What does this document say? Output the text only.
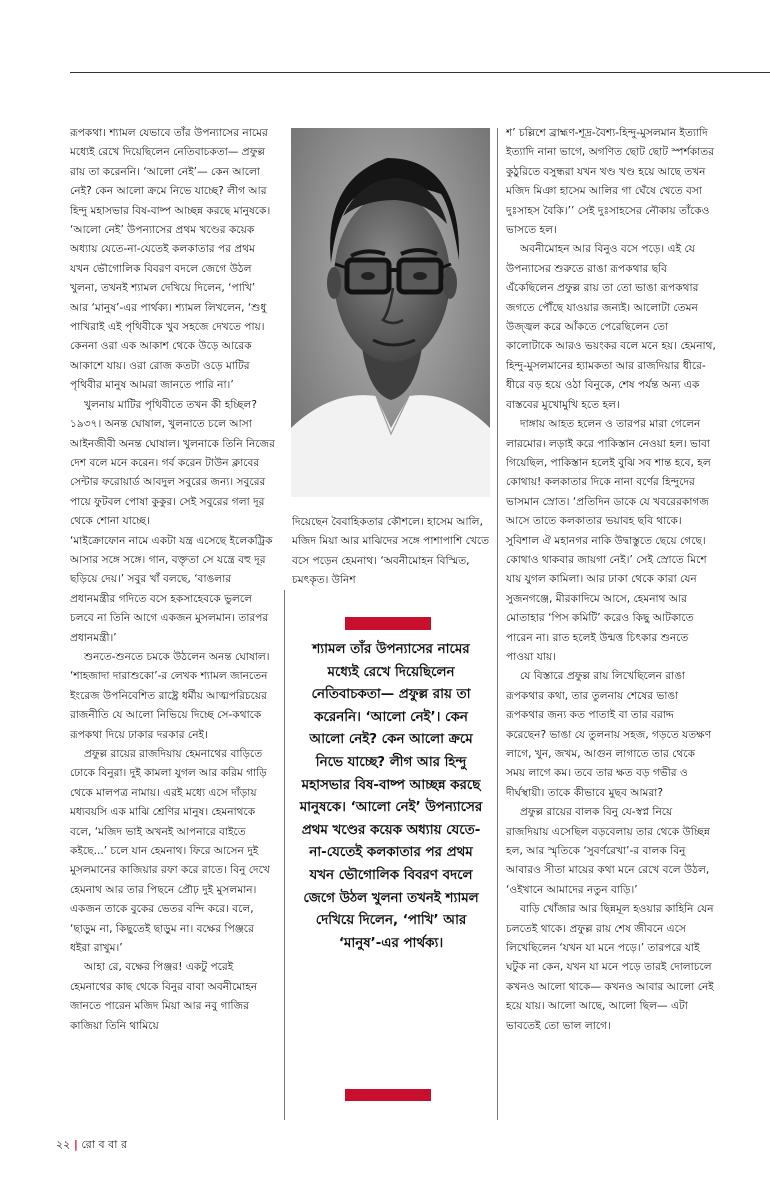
রূপকথা। শ্যামল যেভাবে তাঁর উপন্যাসের নামের মধ্যেই রেখে দিয়েছিলেন নেতিবাচকতা— প্রফুল্ল রায় তা করেননি। ‘আলো নেই’— কেন আলো নেই? কেন আলো ক্রমে নিভে যাচ্ছে? লীগ আর হিন্দু মহাসভার বিষ-বাষ্প আচ্ছন্ন করছে মানুষকে। ‘আলো নেই’ উপন্যাসের প্রথম খণ্ডের কয়েক অধ্যায় যেতে-না-যেতেই কলকাতার পর প্রথম যখন ভৌগোলিক বিবরণ বদলে জেগে উঠল খুলনা, তখনই শ্যামল দেখিয়ে দিলেন, ‘পাখি’ আর ‘মানুষ’-এর পার্থক্য। শ্যামল লিখলেন, ‘শুধু পাখিরাই এই পৃথিবীকে খুব সহজে দেখতে পায়। কেননা ওরা এক আকাশ থেকে উড়ে আরেক আকাশে যায়। ওরা রোজ কতটা ওড়ে মাটির পৃথিবীর মানুষ আমরা জানতে পারি না।’

খুলনায় মাটির পৃথিবীতে তখন কী হচ্ছিল? ১৯৩৭। অনন্ত ঘোষাল, খুলনাতে চলে আসা আইনজীবী অনন্ত ঘোষাল। খুলনাকে তিনি নিজের দেশ বলে মনে করেন। গর্ব করেন টাউন ক্লাবের সেন্টার ফরোয়ার্ড আবদুল সবুরের জন্য। সবুরের পায়ে ফুটবল পোষা কুকুর। সেই সবুরের গলা দূর থেকে শোনা যাচ্ছে।

‘মাইক্রোফোন নামে একটা যন্ত্র এসেছে ইলেকট্রিক আসার সঙ্গে সঙ্গে। গান, বক্তৃতা সে যন্ত্রে বহু দূর ছড়িয়ে দেয়।’ সবুর খাঁ বলছে, ‘বাঙলার প্রধানমন্ত্রীর গদিতে বসে হকসাহেবকে ভুললে চলবে না তিনি আগে একজন মুসলমান। তারপর প্রধানমন্ত্রী।’

শুনতে-শুনতে চমকে উঠলেন অনন্ত ঘোষাল। ‘শাহজাদা দারাশুকো’-র লেখক শ্যামল জানতেন ইংরেজ উপনিবেশিত রাষ্ট্রে ধর্মীয় আত্মপরিচয়ের রাজনীতি যে আলো নিভিয়ে দিচ্ছে সে-কথাকে রূপকথা দিয়ে ঢাকার দরকার নেই।

প্রফুল্ল রায়ের রাজদিয়ায় হেমনাথের বাড়িতে ঢোকে বিনুরা। দুই কামলা যুগল আর করিম গাড়ি থেকে মালপত্র নামায়। এরই মধ্যে এসে দাঁড়ায় মধ্যবয়সি এক মাঝি শ্রেণির মানুষ। হেমনাথকে বলে, ‘মজিদ ভাই অখনই আপনারে বাইতে কইছে...’ চলে যান হেমনাথ। ফিরে আসেন দুই মুসলমানের কাজিয়ার রফা করে রাতে। বিনু দেখে হেমনাথ আর তার পিছনে প্রৌঢ় দুই মুসলমান। একজন তাকে বুকের ভেতর বন্দি করে। বলে, ‘ছাড়ুম না, কিছুতেই ছাড়ুম না। বক্ষের পিঞ্জরে ধইরা রাখুম।’

আহা রে, বক্ষের পিঞ্জর! একটু পরেই হেমনাথের কাছ থেকে বিনুর বাবা অবনীমোহন জানতে পারেন মজিদ মিয়া আর নবু গাজির কাজিয়া তিনি থামিয়ে

দিয়েছেন বৈবাহিকতার কৌশলে। হাসেম আলি, মজিদ মিয়া আর মাঝিদের সঙ্গে পাশাপাশি খেতে বসে পড়েন হেমনাথ। ‘অবনীমোহন বিস্মিত, চমৎকৃত। উনিশ

শ্যামল তাঁর উপন্যাসের নামের মধ্যেই রেখে দিয়েছিলেন নেতিবাচকতা— প্রফুল্ল রায় তা করেননি। ‘আলো নেই’। কেন আলো নেই? কেন আলো ক্রমে নিভে যাচ্ছে? লীগ আর হিন্দু মহাসভার বিষ-বাষ্প আচ্ছন্ন করছে মানুষকে। ‘আলো নেই’ উপন্যাসের প্রথম খণ্ডের কয়েক অধ্যায় যেতে-না-যেতেই কলকাতার পর প্রথম যখন ভৌগোলিক বিবরণ বদলে জেগে উঠল খুলনা তখনই শ্যামল দেখিয়ে দিলেন, ‘পাখি’ আর ‘মানুষ’-এর পার্থক্য।

শ’ চল্লিশে ব্রাহ্মণ-শূদ্র-বৈশ্য-হিন্দু-মুসলমান ইত্যাদি ইত্যাদি নানা ভাগে, অগণিত ছোট ছোট স্পর্শকাতর কুঠুরিতে বসুন্ধরা যখন খণ্ড খণ্ড হয়ে আছে তখন মজিদ মিঞা হাসেম আলির গা ঘেঁষে খেতে বসা দুঃসাহস বৈকি।’’ সেই দুঃসাহসের নৌকায় তাঁকেও ভাসতে হল।

অবনীমোহন আর বিনুও বসে পড়ে। এই যে উপন্যাসের শুরুতে রাঙা রূপকথার ছবি এঁকেছিলেন প্রফুল্ল রায় তা তো ভাঙা রূপকথার জগতে পৌঁছে যাওয়ার জন্যই। আলোটা তেমন উজ্জ্বল করে আঁকতে পেরেছিলেন তো কালোটাকে আরও ভয়ংকর বলে মনে হয়। হেমনাথ, হিন্দু-মুসলমানের হ্যামকতা আর রাজদিয়ার ধীরে-ধীরে বড় হয়ে ওঠা বিনুকে, শেষ পর্যন্ত অন্য এক বাস্তবের মুখোমুখি হতে হল।

দাঙ্গায় আহত হলেন ও তারপর মারা গেলেন লারমোর। লড়াই করে পাকিস্তান নেওয়া হল। ভাবা গিয়েছিল, পাকিস্তান হলেই বুঝি সব শান্ত হবে, হল কোথায়! কলকাতার দিকে নানা বর্ণের হিন্দুদের ভাসমান স্রোত। ‘প্রতিদিন ডাকে যে খবরেরকাগজ আসে তাতে কলকাতার ভয়াবহ ছবি থাকে। সুবিশাল ঐ মহানগর নাকি উদ্বাস্তুতে ছেয়ে গেছে। কোথাও থাকবার জায়গা নেই।’ সেই স্রোতে মিশে যায় যুগল কামিলা। আর ঢাকা থেকে কারা যেন সুজনগঞ্জে, মীরকাদিমে আসে, হেমনাথ আর মোতাহার ‘পিস কমিটি’ করেও কিছু আটকাতে পারেন না। রাত হলেই উন্মত্ত চিৎকার শুনতে পাওয়া যায়।

যে বিস্তারে প্রফুল্ল রায় লিখেছিলেন রাঙা রূপকথার কথা, তার তুলনায় শেষের ভাঙা রূপকথার জন্য কত পাতাই বা তার বরাদ্দ করেছেন? ভাঙা যে তুলনায় সহজ, গড়তে যতক্ষণ লাগে, খুন, জখম, আগুন লাগাতে তার থেকে সময় লাগে কম। তবে তার ক্ষত বড় গভীর ও দীর্ঘস্থায়ী। তাকে কীভাবে মুছব আমরা?

প্রফুল্ল রায়ের বালক বিনু যে-স্বপ্ন নিয়ে রাজদিয়ায় এসেছিল বড়বেলায় তার থেকে উচ্ছিন্ন হল, আর স্মৃতিকে ‘সুবর্ণরেখা’-র বালক বিনু আবারও সীতা মায়ের কথা মনে রেখে বলে উঠল, ‘ওইখানে আমাদের নতুন বাড়ি।’

বাড়ি খোঁজার আর ছিন্নমূল হওয়ার কাহিনি যেন চলতেই থাকে। প্রফুল্ল রায় শেষ জীবনে এসে লিখেছিলেন ‘যখন যা মনে পড়ে।’ তারপরে যাই ঘটুক না কেন, যখন যা মনে পড়ে তারই দোলাচলে কখনও আলো থাকে— কখনও আবার আলো নেই হয়ে যায়। আলো আছে, আলো ছিল— এটা ভাবতেই তো ভাল লাগে।

২২ | রো ব বা র
